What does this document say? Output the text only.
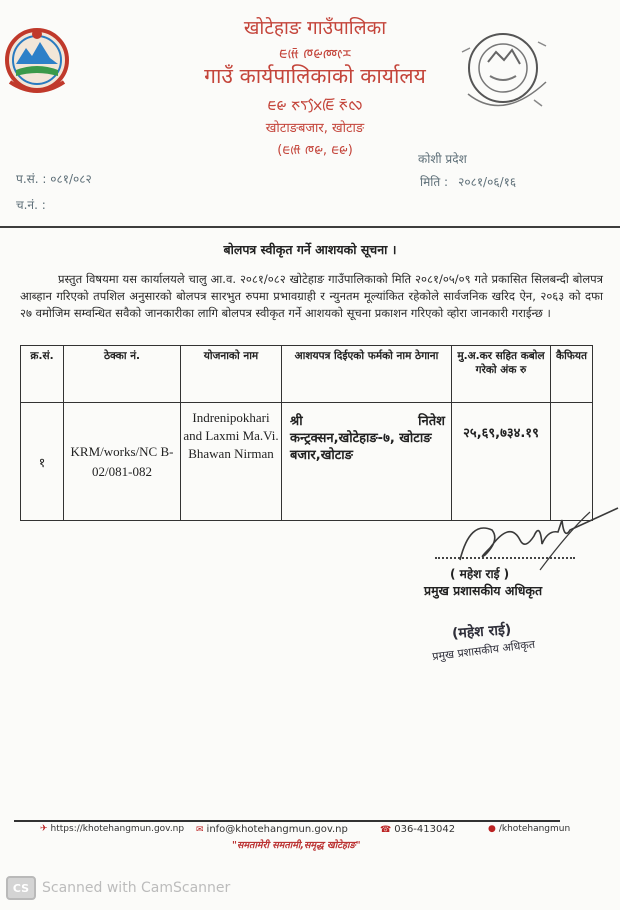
खोटेहाङ गाउँपालिका
ᰀᰙᰨᰳ ᰈᰡᰢᰦᰌ
गाउँ कार्यपालिकाको कार्यालय
ᰀᰡ ᰉᰛᰞᰧᰀᰩ ᰉᰳᰜ
खोटाङबजार, खोटाङ
(ᰀᰙᰨᰳ ᰈᰡ, ᰀᰡ)
कोशी प्रदेश
प.सं. : ०८१/०८२
च.नं. :
मिति : २०८१/०६/१६
बोलपत्र स्वीकृत गर्ने आशयको सूचना ।
प्रस्तुत विषयमा यस कार्यालयले चालु आ.व. २०८१/०८२ खोटेहाङ गाउँपालिकाको मिति २०८१/०५/०९ गते प्रकासित सिलबन्दी बोलपत्र आब्हान गरिएको तपशिल अनुसारको बोलपत्र सारभुत रुपमा प्रभावग्राही र न्युनतम मूल्यांकित रहेकोले सार्वजनिक खरिद ऐन, २०६३ को दफा २७ वमोजिम सम्वन्धित सवैको जानकारीका लागि बोलपत्र स्वीकृत गर्ने आशयको सूचना प्रकाशन गरिएको व्होरा जानकारी गराईन्छ ।
क्र.सं.	ठेक्का नं.	योजनाको नाम	आशयपत्र दिईएको फर्मको नाम ठेगाना	मु.अ.कर सहित कबोल गरेको अंक रु	कैफियत
१	KRM/works/NC B-02/081-082	Indrenipokhari and Laxmi Ma.Vi. Bhawan Nirman	श्री नितेश
कन्ट्रक्सन,खोटेहाङ-७, खोटाङ बजार,खोटाङ	२५,६९,७३४.१९	
( महेश राई )
प्रमुख प्रशासकीय अधिकृत
(महेश राई)
प्रमुख प्रशासकीय अधिकृत
✈ https://khotehangmun.gov.np ✉ info@khotehangmun.gov.np	☎ 036-413042	● /khotehangmun
"समतामेरी समतामी,समृद्ध खोटेहाङ"
CS Scanned with CamScanner
